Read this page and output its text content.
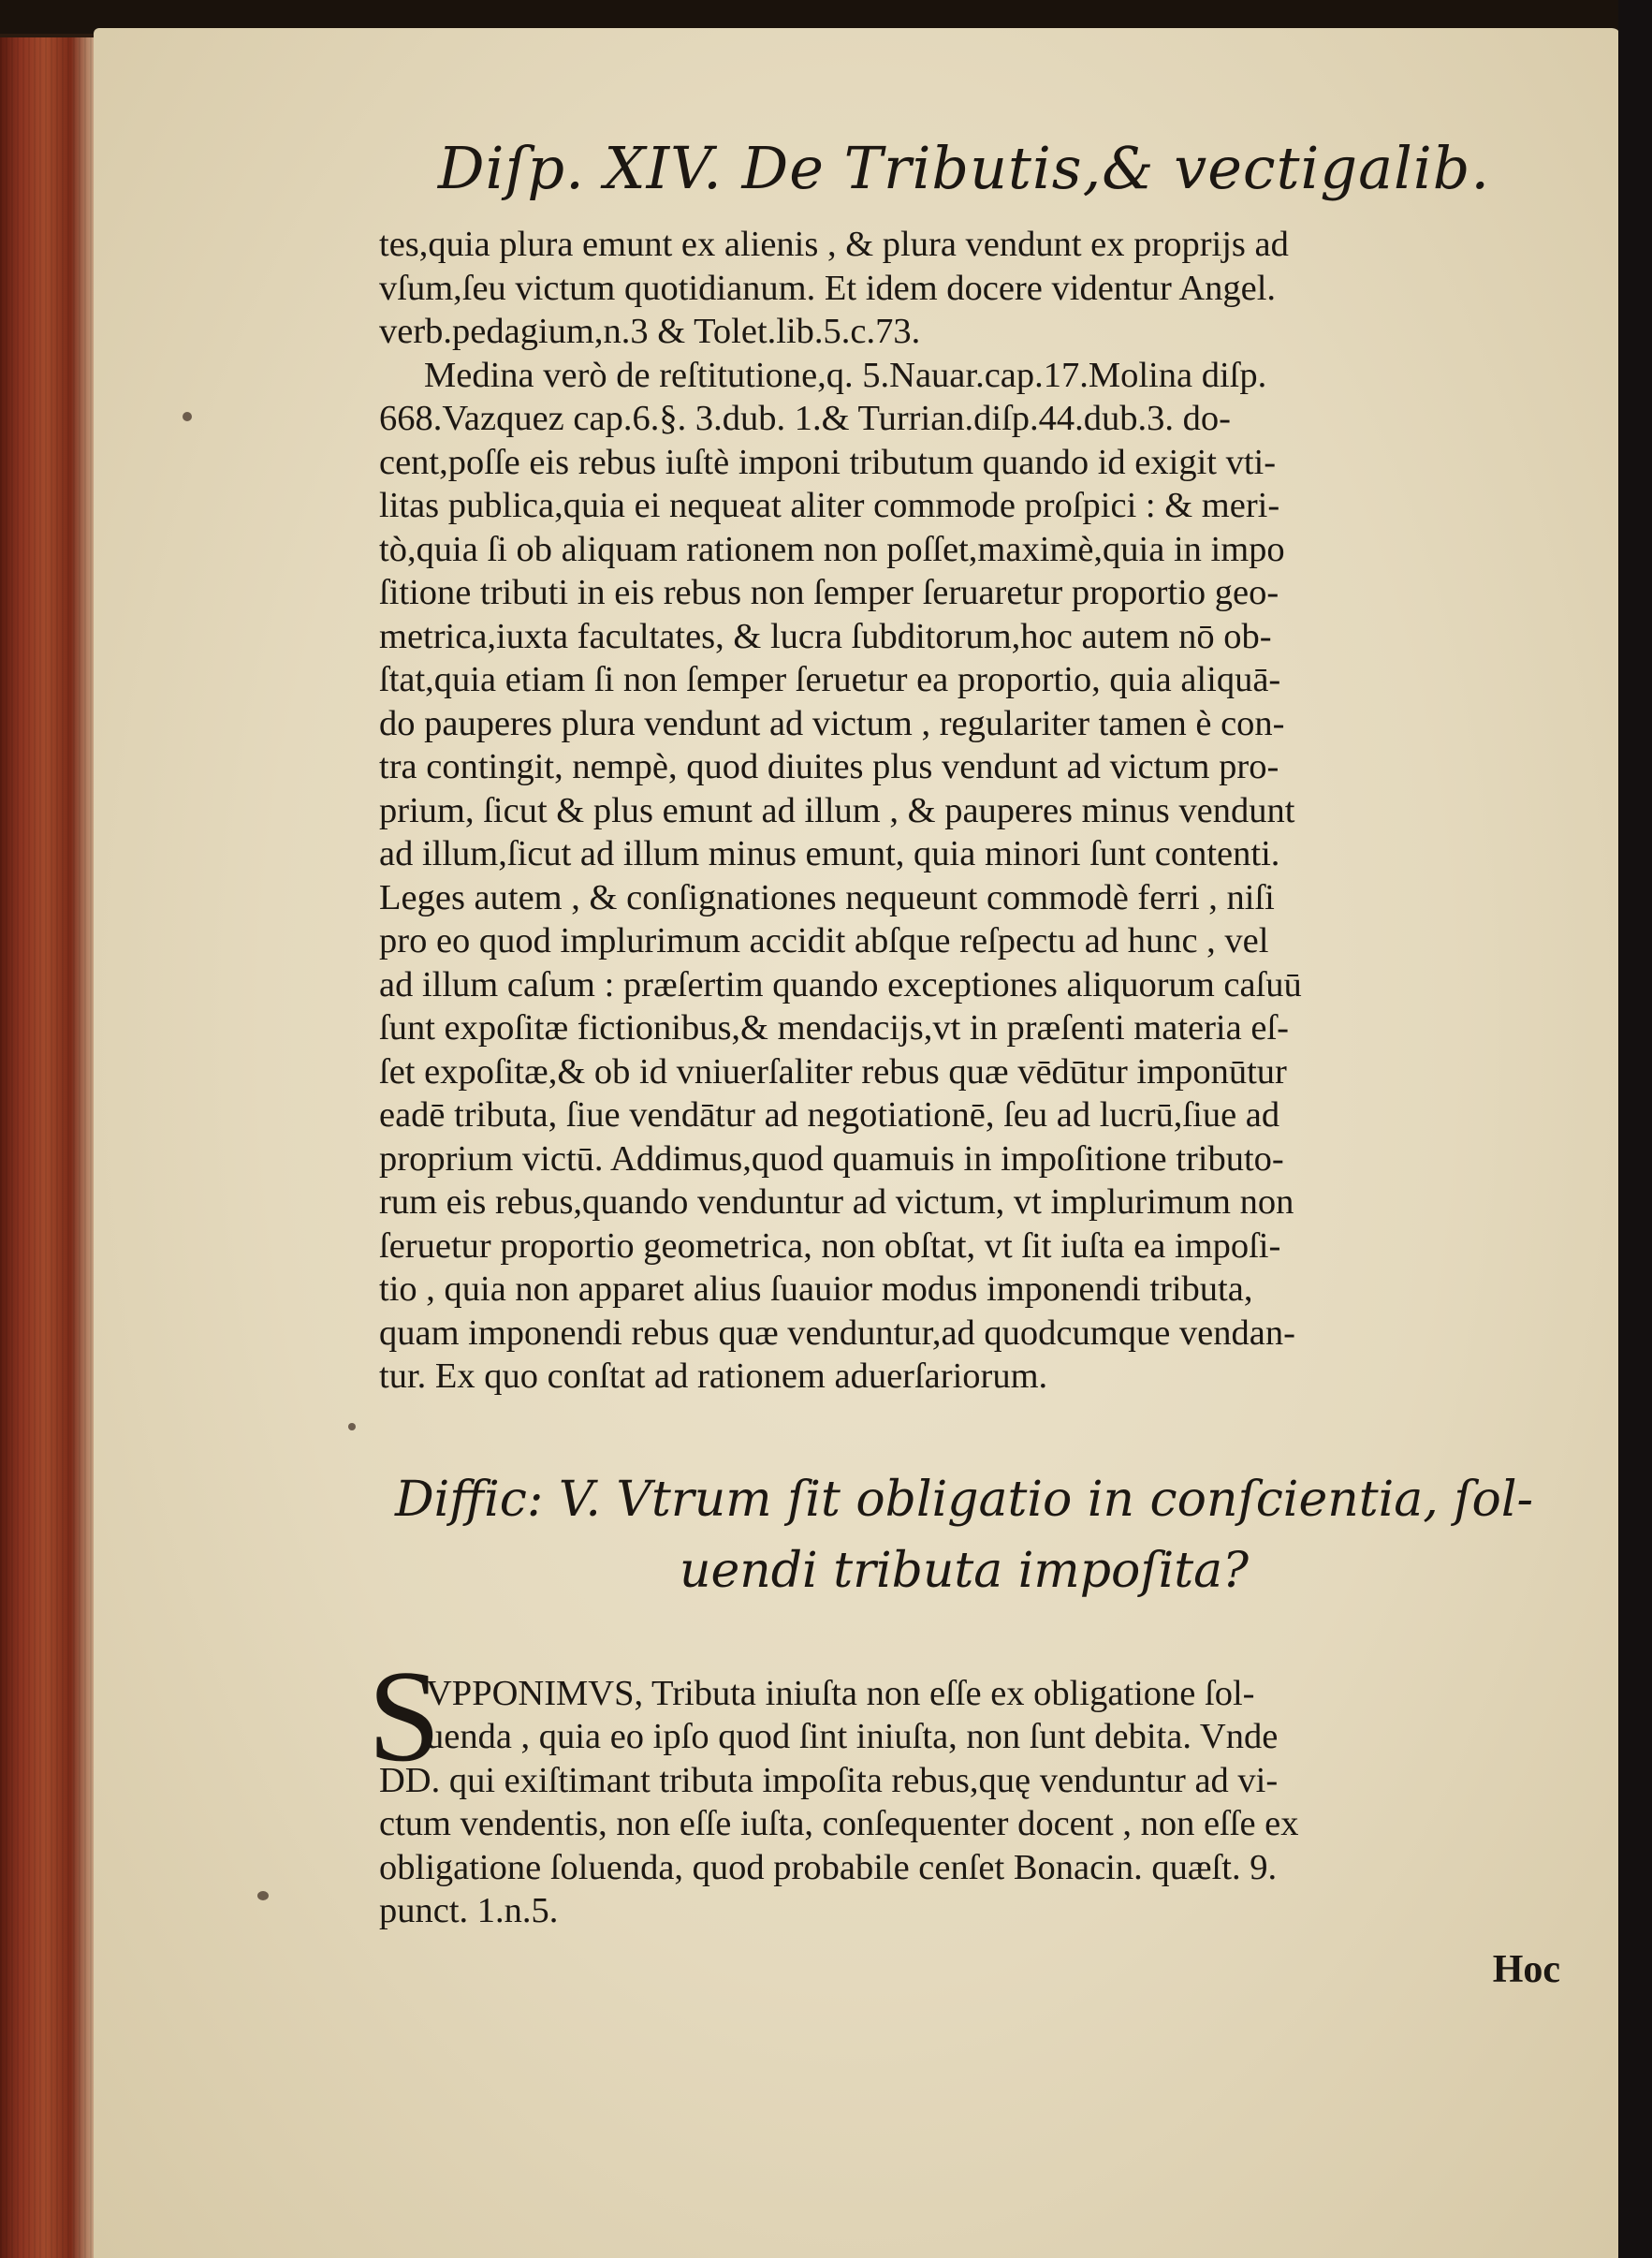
Diſp. XIV. De Tributis,& vectigalib.
tes,quia plura emunt ex alienis , & plura vendunt ex proprijs ad
vſum,ſeu victum quotidianum. Et idem docere videntur Angel.
verb.pedagium,n.3 & Tolet.lib.5.c.73.
Medina verò de reſtitutione,q. 5.Nauar.cap.17.Molina diſp.
668.Vazquez cap.6.§. 3.dub. 1.& Turrian.diſp.44.dub.3. do-
cent,poſſe eis rebus iuſtè imponi tributum quando id exigit vti-
litas publica,quia ei nequeat aliter commode proſpici : & meri-
tò,quia ſi ob aliquam rationem non poſſet,maximè,quia in impo
ſitione tributi in eis rebus non ſemper ſeruaretur proportio geo-
metrica,iuxta facultates, & lucra ſubditorum,hoc autem nō ob-
ſtat,quia etiam ſi non ſemper ſeruetur ea proportio, quia aliquā-
do pauperes plura vendunt ad victum , regulariter tamen è con-
tra contingit, nempè, quod diuites plus vendunt ad victum pro-
prium, ſicut & plus emunt ad illum , & pauperes minus vendunt
ad illum,ſicut ad illum minus emunt, quia minori ſunt contenti.
Leges autem , & conſignationes nequeunt commodè ferri , niſi
pro eo quod implurimum accidit abſque reſpectu ad hunc , vel
ad illum caſum : præſertim quando exceptiones aliquorum caſuū
ſunt expoſitæ fictionibus,& mendacijs,vt in præſenti materia eſ-
ſet expoſitæ,& ob id vniuerſaliter rebus quæ vēdūtur imponūtur
eadē tributa, ſiue vendātur ad negotiationē, ſeu ad lucrū,ſiue ad
proprium victū. Addimus,quod quamuis in impoſitione tributo-
rum eis rebus,quando venduntur ad victum, vt implurimum non
ſeruetur proportio geometrica, non obſtat, vt ſit iuſta ea impoſi-
tio , quia non apparet alius ſuauior modus imponendi tributa,
quam imponendi rebus quæ venduntur,ad quodcumque vendan-
tur. Ex quo conſtat ad rationem aduerſariorum.
Diffic: V. Vtrum ſit obligatio in conſcientia, ſol-
uendi tributa impoſita?
S
VPPONIMVS, Tributa iniuſta non eſſe ex obligatione ſol-
uenda , quia eo ipſo quod ſint iniuſta, non ſunt debita. Vnde
DD. qui exiſtimant tributa impoſita rebus,quę venduntur ad vi-
ctum vendentis, non eſſe iuſta, conſequenter docent , non eſſe ex
obligatione ſoluenda, quod probabile cenſet Bonacin. quæſt. 9.
punct. 1.n.5.
Hoc
